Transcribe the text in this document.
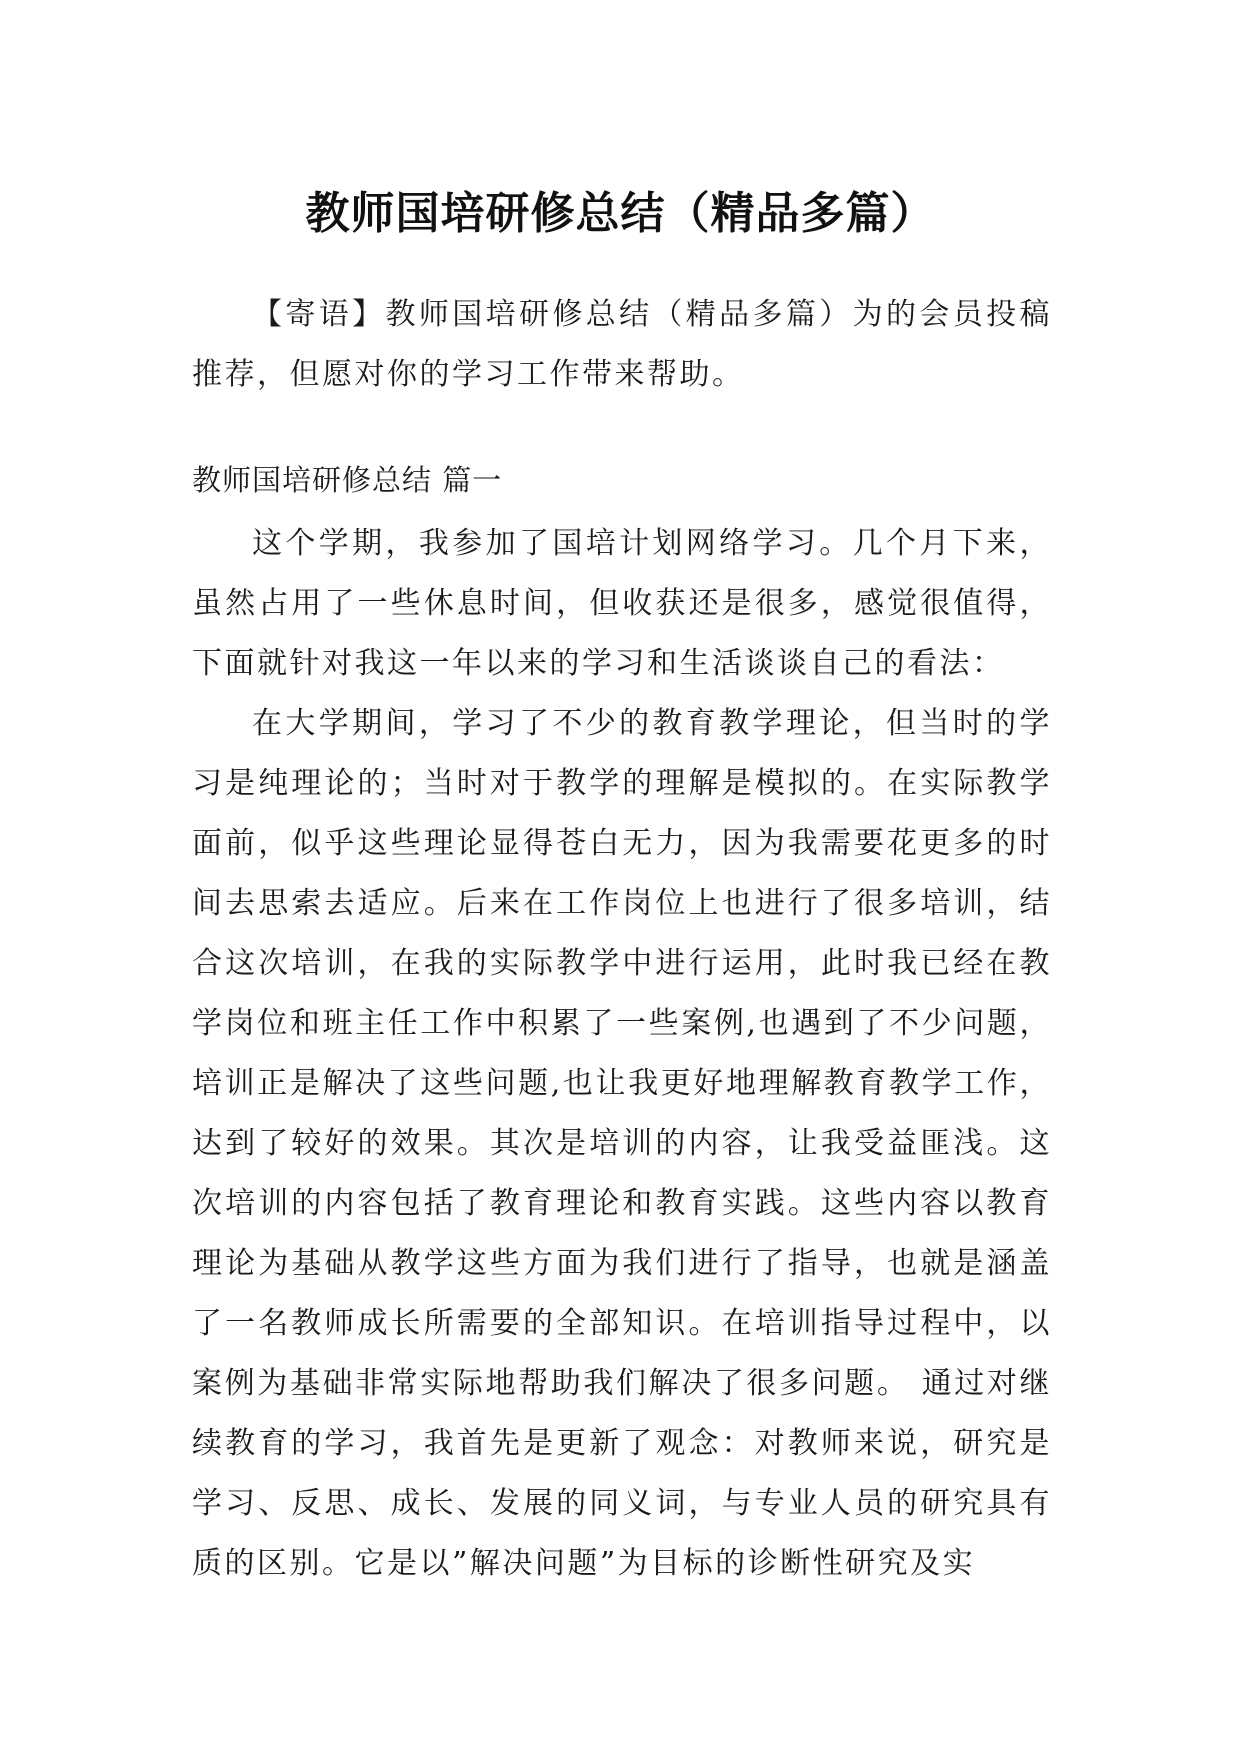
教师国培研修总结（精品多篇）

【寄语】教师国培研修总结（精品多篇）为的会员投稿推荐，但愿对你的学习工作带来帮助。

教师国培研修总结 篇一

这个学期，我参加了国培计划网络学习。几个月下来，虽然占用了一些休息时间，但收获还是很多，感觉很值得，下面就针对我这一年以来的学习和生活谈谈自己的看法：

在大学期间，学习了不少的教育教学理论，但当时的学习是纯理论的；当时对于教学的理解是模拟的。在实际教学面前，似乎这些理论显得苍白无力，因为我需要花更多的时间去思索去适应。后来在工作岗位上也进行了很多培训，结合这次培训，在我的实际教学中进行运用，此时我已经在教学岗位和班主任工作中积累了一些案例,也遇到了不少问题，培训正是解决了这些问题,也让我更好地理解教育教学工作，达到了较好的效果。其次是培训的内容，让我受益匪浅。这次培训的内容包括了教育理论和教育实践。这些内容以教育理论为基础从教学这些方面为我们进行了指导，也就是涵盖了一名教师成长所需要的全部知识。在培训指导过程中，以案例为基础非常实际地帮助我们解决了很多问题。 通过对继续教育的学习，我首先是更新了观念：对教师来说，研究是学习、反思、成长、发展的同义词，与专业人员的研究具有质的区别。它是以”解决问题”为目标的诊断性研究及实
